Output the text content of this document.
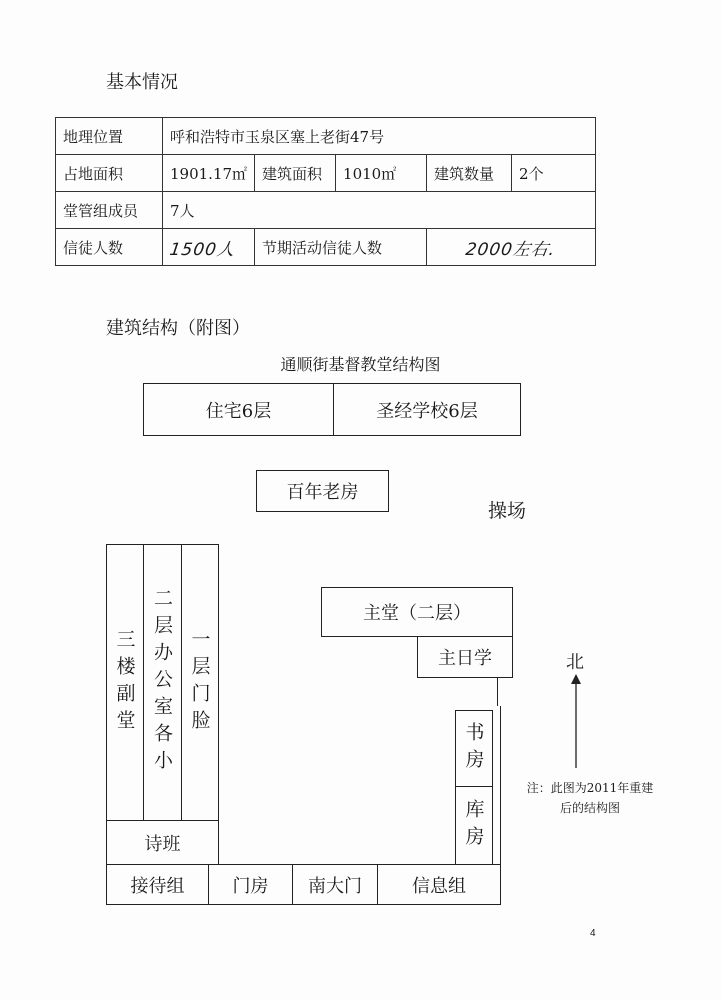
基本情况
地理位置	呼和浩特市玉泉区塞上老街47号				
占地面积	1901.17㎡	建筑面积	1010㎡	建筑数量	2个
堂管组成员	7人				
信徒人数	1500人	节期活动信徒人数		2000左右.	
建筑结构（附图）
通顺街基督教堂结构图
住宅6层	圣经学校6层
百年老房
操场
三楼副堂 二层办公室各小 一层门脸
诗班
接待组	门房	南大门	信息组
主堂（二层）
主日学
书房
库房
北
注：此图为2011年重建后的结构图
4
